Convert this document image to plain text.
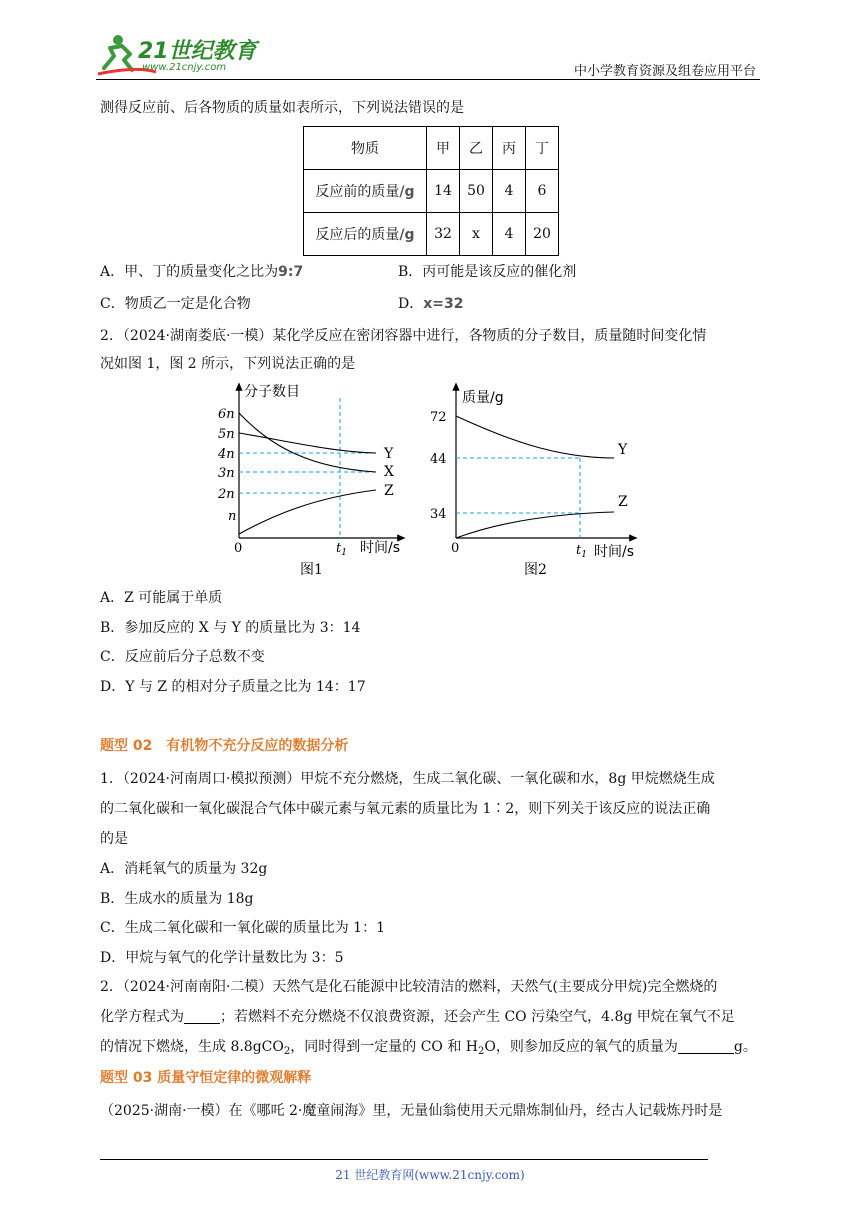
21世纪教育
www.21cnjy.com	中小学教育资源及组卷应用平台
测得反应前、后各物质的质量如表所示，下列说法错误的是
物质	甲	乙	丙	丁
反应前的质量/g	14	50	4	6
反应后的质量/g	32	x	4	20
A．甲、丁的质量变化之比为9:7	B．丙可能是该反应的催化剂
C．物质乙一定是化合物	D．x=32
2．（2024·湖南娄底·一模）某化学反应在密闭容器中进行，各物质的分子数目，质量随时间变化情
况如图 1，图 2 所示，下列说法正确的是
分子数目
6n
5n
4n
3n
2n
n
0	$t_1$ 时间/s
Y
X
Z
图1
质量/g
72
44
34
0	$t_1$ 时间/s
Y
Z
图2
A．Z 可能属于单质
B．参加反应的 X 与 Y 的质量比为 3：14
C．反应前后分子总数不变
D．Y 与 Z 的相对分子质量之比为 14：17
题型 02　有机物不充分反应的数据分析
1．（2024·河南周口·模拟预测）甲烷不充分燃烧，生成二氧化碳、一氧化碳和水，8g 甲烷燃烧生成
的二氧化碳和一氧化碳混合气体中碳元素与氧元素的质量比为 1∶2，则下列关于该反应的说法正确
的是
A．消耗氧气的质量为 32g
B．生成水的质量为 18g
C．生成二氧化碳和一氧化碳的质量比为 1：1
D．甲烷与氧气的化学计量数比为 3：5
2．（2024·河南南阳·二模）天然气是化石能源中比较清洁的燃料，天然气(主要成分甲烷)完全燃烧的
化学方程式为	；若燃料不充分燃烧不仅浪费资源，还会产生 CO 污染空气，4.8g 甲烷在氧气不足
的情况下燃烧，生成 8.8gCO$_2$，同时得到一定量的 CO 和 $H_2O$，则参加反应的氧气的质量为	g。
题型 03 质量守恒定律的微观解释
（2025·湖南·一模）在《哪吒 2·魔童闹海》里，无量仙翁使用天元鼎炼制仙丹，经古人记载炼丹时是
21 世纪教育网(www.21cnjy.com)
